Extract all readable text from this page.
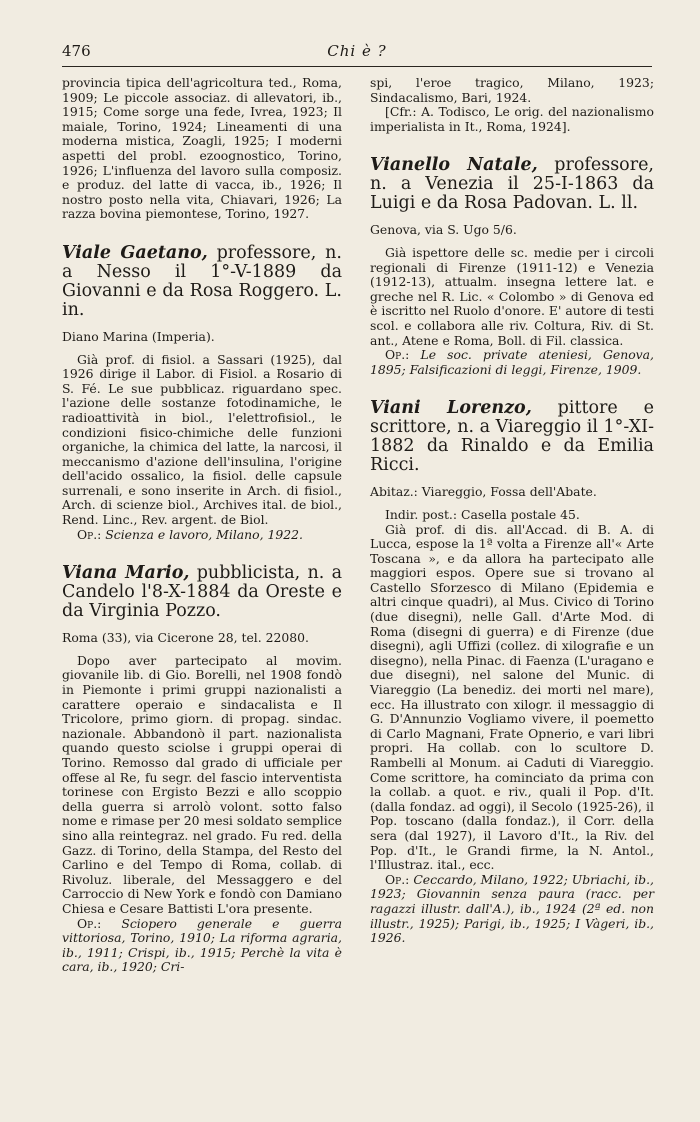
476	Chi è ?

provincia tipica dell'agricoltura ted., Roma, 1909; Le piccole associaz. di allevatori, ib., 1915; Come sorge una fede, Ivrea, 1923; Il maiale, Torino, 1924; Lineamenti di una moderna mistica, Zoagli, 1925; I moderni aspetti del probl. ezoognostico, Torino, 1926; L'influenza del lavoro sulla composiz. e produz. del latte di vacca, ib., 1926; Il nostro posto nella vita, Chiavari, 1926; La razza bovina piemontese, Torino, 1927.

Viale Gaetano, professore, n. a Nesso il 1°-V-1889 da Giovanni e da Rosa Roggero. L. in.

Diano Marina (Imperia).

Già prof. di fisiol. a Sassari (1925), dal 1926 dirige il Labor. di Fisiol. a Rosario di S. Fé. Le sue pubblicaz. riguardano spec. l'azione delle sostanze fotodinamiche, le radioattività in biol., l'elettrofisiol., le condizioni fisico-chimiche delle funzioni organiche, la chimica del latte, la narcosi, il meccanismo d'azione dell'insulina, l'origine dell'acido ossalico, la fisiol. delle capsule surrenali, e sono inserite in Arch. di fisiol., Arch. di scienze biol., Archives ital. de biol., Rend. Linc., Rev. argent. de Biol.

Op.: Scienza e lavoro, Milano, 1922.

Viana Mario, pubblicista, n. a Candelo l'8-X-1884 da Oreste e da Virginia Pozzo.

Roma (33), via Cicerone 28, tel. 22080.

Dopo aver partecipato al movim. giovanile lib. di Gio. Borelli, nel 1908 fondò in Piemonte i primi gruppi nazionalisti a carattere operaio e sindacalista e Il Tricolore, primo giorn. di propag. sindac. nazionale. Abbandonò il part. nazionalista quando questo sciolse i gruppi operai di Torino. Remosso dal grado di ufficiale per offese al Re, fu segr. del fascio interventista torinese con Ergisto Bezzi e allo scoppio della guerra si arrolò volont. sotto falso nome e rimase per 20 mesi soldato semplice sino alla reintegraz. nel grado. Fu red. della Gazz. di Torino, della Stampa, del Resto del Carlino e del Tempo di Roma, collab. di Rivoluz. liberale, del Messaggero e del Carroccio di New York e fondò con Damiano Chiesa e Cesare Battisti L'ora presente.

Op.: Sciopero generale e guerra vittoriosa, Torino, 1910; La riforma agraria, ib., 1911; Crispi, ib., 1915; Perchè la vita è cara, ib., 1920; Cri-

spi, l'eroe tragico, Milano, 1923; Sindacalismo, Bari, 1924.

[Cfr.: A. Todisco, Le orig. del nazionalismo imperialista in It., Roma, 1924].

Vianello Natale, professore, n. a Venezia il 25-I-1863 da Luigi e da Rosa Padovan. L. ll.

Genova, via S. Ugo 5/6.

Già ispettore delle sc. medie per i circoli regionali di Firenze (1911-12) e Venezia (1912-13), attualm. insegna lettere lat. e greche nel R. Lic. « Colombo » di Genova ed è iscritto nel Ruolo d'onore. E' autore di testi scol. e collabora alle riv. Coltura, Riv. di St. ant., Atene e Roma, Boll. di Fil. classica.

Op.: Le soc. private ateniesi, Genova, 1895; Falsificazioni di leggi, Firenze, 1909.

Viani Lorenzo, pittore e scrittore, n. a Viareggio il 1°-XI-1882 da Rinaldo e da Emilia Ricci.

Abitaz.: Viareggio, Fossa dell'Abate.

Indir. post.: Casella postale 45.

Già prof. di dis. all'Accad. di B. A. di Lucca, espose la 1ª volta a Firenze all'« Arte Toscana », e da allora ha partecipato alle maggiori espos. Opere sue si trovano al Castello Sforzesco di Milano (Epidemia e altri cinque quadri), al Mus. Civico di Torino (due disegni), nelle Gall. d'Arte Mod. di Roma (disegni di guerra) e di Firenze (due disegni), agli Uffizi (collez. di xilografie e un disegno), nella Pinac. di Faenza (L'uragano e due disegni), nel salone del Munic. di Viareggio (La benediz. dei morti nel mare), ecc. Ha illustrato con xilogr. il messaggio di G. D'Annunzio Vogliamo vivere, il poemetto di Carlo Magnani, Frate Opnerio, e vari libri propri. Ha collab. con lo scultore D. Rambelli al Monum. ai Caduti di Viareggio. Come scrittore, ha cominciato da prima con la collab. a quot. e riv., quali il Pop. d'It. (dalla fondaz. ad oggi), il Secolo (1925-26), il Pop. toscano (dalla fondaz.), il Corr. della sera (dal 1927), il Lavoro d'It., la Riv. del Pop. d'It., le Grandi firme, la N. Antol., l'Illustraz. ital., ecc.

Op.: Ceccardo, Milano, 1922; Ubriachi, ib., 1923; Giovannin senza paura (racc. per ragazzi illustr. dall'A.), ib., 1924 (2ª ed. non illustr., 1925); Parigi, ib., 1925; I Vàgeri, ib., 1926.
